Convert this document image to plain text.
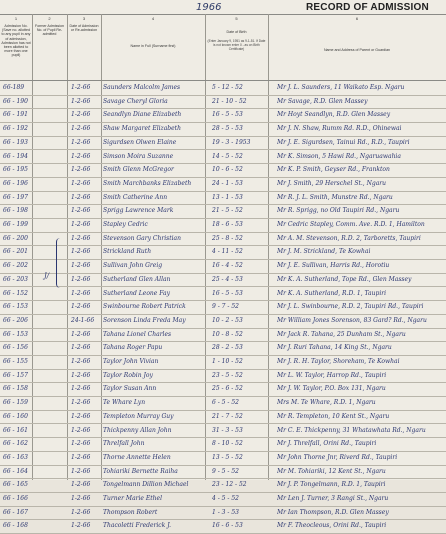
1966	RECORD OF ADMISSION
1	2	3	4	5	6
Admission No. (Save no. allotted to any pupil in any of admission, Admission has not been allotted to more than one pupil)
Former Admission No. of Pupil Re-admitted
Date of Admission or Re-admission
Name in Full (Surname first)
Date of Birth
(Enter January 9, 1951 as 9-1-51. If Date is not known enter 0 - as on Birth Certificate)	Name and Address of Parent or Guardian
66-189	1-2-66	Saunders Malcolm James	5 - 12 - 52	Mr J. L. Saunders, 11 Waikato Esp. Ngaru
66 - 190	1-2-66	Savage Cheryl Gloria	21 - 10 - 52	Mr Savage, R.D. Glen Massey
66 - 191	1-2-66	Seandlyn Diane Elizabeth	16 - 5 - 53	Mr Hoyt Seandlyn, R.D. Glen Massey
66 - 192	1-2-66	Shaw Margaret Elizabeth	28 - 5 - 53	Mr J. N. Shaw, Rumm Rd. R.D., Ohinewai
66 - 193	1-2-66	Sigurdsen Olwen Elaine	19 - 3 - 1953	Mr J. E. Sigurdsen, Tainui Rd., R.D., Taupiri
66 - 194	1-2-66	Simson Moira Suzanne	14 - 5 - 52	Mr K. Simson, 5 Hawi Rd., Ngaruawahia
66 - 195	1-2-66	Smith Glenn McGregor	10 - 6 - 52	Mr K. P. Smith, Geyser Rd., Frankton
66 - 196	1-2-66	Smith Marchbanks Elizabeth	24 - 1 - 53	Mr J. Smith, 29 Herschel St., Ngaru
66 - 197	1-2-66	Smith Catherine Ann	13 - 1 - 53	Mr R. J. L. Smith, Munstre Rd., Ngaru
66 - 198	1-2-66	Sprigg Lawrence Mark	21 - 5 - 52	Mr R. Sprigg, no Old Taupiri Rd., Ngaru
66 - 199	1-2-66	Stapley Cedric	18 - 6 - 53	Mr Cedric Stapley, Comm. Ave. R.D. 1, Hamilton
66 - 200	1-2-66	Stevenson Gary Christian	25 - 8 - 52	Mr A. M. Stevenson, R.D. 2, Tarboretts, Taupiri
66 - 201	1-2-66	Strickland Ruth	4 - 11 - 52	Mr J. M. Strickland, Te Kowhai
66 - 202	1-2-66	Sullivan John Greig	16 - 4 - 52	Mr J. E. Sullivan, Harris Rd., Horotiu
66 - 203	1-2-66	Sutherland Glen Allan	25 - 4 - 53	Mr K. A. Sutherland, Tope Rd., Glen Massey
66 - 152	1-2-66	Sutherland Leone Fay	16 - 5 - 53	Mr K. A. Sutherland, R.D. 1, Taupiri
66 - 153	1-2-66	Swinbourne Robert Patrick	9 - 7 - 52	Mr J. L. Swinbourne, R.D. 2, Taupiri Rd., Taupiri
66 - 206	24-1-66	Sorenson Linda Freda May	10 - 2 - 53	Mr William Jones Sorenson, 83 Gard? Rd., Ngaru
66 - 153	1-2-66	Tahana Lionel Charles	10 - 8 - 52	Mr Jack R. Tahana, 25 Dunham St., Ngaru
66 - 156	1-2-66	Tahana Roger Papu	28 - 2 - 53	Mr J. Ruri Tahana, 14 King St., Ngaru
66 - 155	1-2-66	Taylor John Vivian	1 - 10 - 52	Mr J. R. H. Taylor, Shoreham, Te Kowhai
66 - 157	1-2-66	Taylor Robin Joy	23 - 5 - 52	Mr L. W. Taylor, Harrop Rd., Taupiri
66 - 158	1-2-66	Taylor Susan Ann	25 - 6 - 52	Mr J. W. Taylor, P.O. Box 131, Ngaru
66 - 159	1-2-66	Te Whare Lyn	6 - 5 - 52	Mrs M. Te Whare, R.D. 1, Ngaru
66 - 160	1-2-66	Templeton Murray Guy	21 - 7 - 52	Mr R. Templeton, 10 Kent St., Ngaru
66 - 161	1-2-66	Thickpenny Allan John	31 - 3 - 53	Mr C. E. Thickpenny, 31 Whatawhata Rd., Ngaru
66 - 162	1-2-66	Threlfall John	8 - 10 - 52	Mr J. Threlfall, Orini Rd., Taupiri
66 - 163	1-2-66	Thorne Annette Helen	13 - 5 - 52	Mr John Thorne Jnr, Riverd Rd., Taupiri
66 - 164	1-2-66	Tohiariki Bernette Raiha	9 - 5 - 52	Mr M. Tohiariki, 12 Kent St., Ngaru
66 - 165	1-2-66	Tongelmann Dillion Michael	23 - 12 - 52	Mr J. P. Tongelmann, R.D. 1, Taupiri
66 - 166	1-2-66	Turner Marie Ethel	4 - 5 - 52	Mr Len J. Turner, 3 Rangi St., Ngaru
66 - 167	1-2-66	Thompson Robert	1 - 3 - 53	Mr Ian Thompson, R.D. Glen Massey
66 - 168	1-2-66	Thacoletti Frederick J.	16 - 6 - 53	Mr F. Theocleous, Orini Rd., Taupiri
J/
